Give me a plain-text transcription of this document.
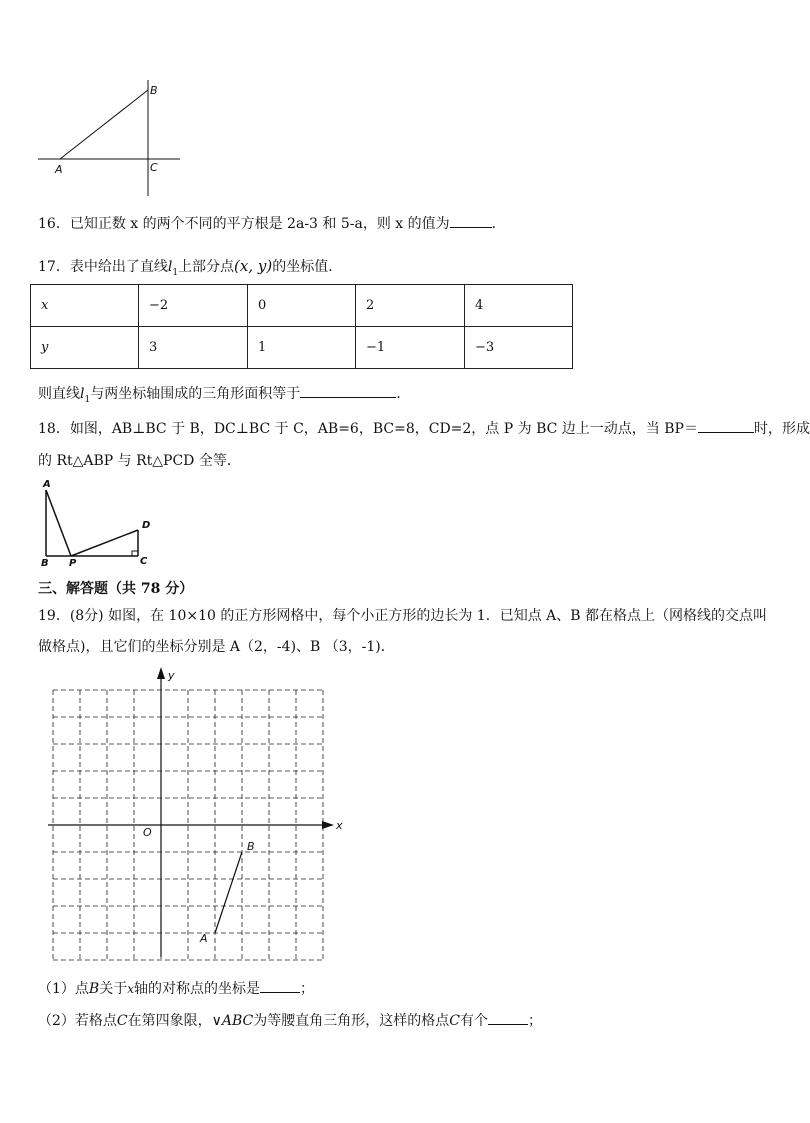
B
A	C
16．已知正数 x 的两个不同的平方根是 2a-3 和 5-a，则 x 的值为	.
17．表中给出了直线$l_1$上部分点(x, y)的坐标值．
x	−2	0	2	4
y	3	1	−1	−3
则直线$l_1$与两坐标轴围成的三角形面积等于	.
18．如图，AB⊥BC 于 B，DC⊥BC 于 C，AB=6，BC=8，CD=2，点 P 为 BC 边上一动点，当 BP＝	时，形成
的 Rt△ABP 与 Rt△PCD 全等．
A
D
B P	C
三、解答题（共 78 分）
19．(8分) 如图，在 10×10 的正方形网格中，每个小正方形的边长为 1．已知点 A、B 都在格点上（网格线的交点叫
做格点)，且它们的坐标分别是 A（2，-4)、B （3，-1)．
y
x
O
B
A
（1）点B关于x轴的对称点的坐标是	；
（2）若格点C在第四象限，∨ABC为等腰直角三角形，这样的格点C有个	；
